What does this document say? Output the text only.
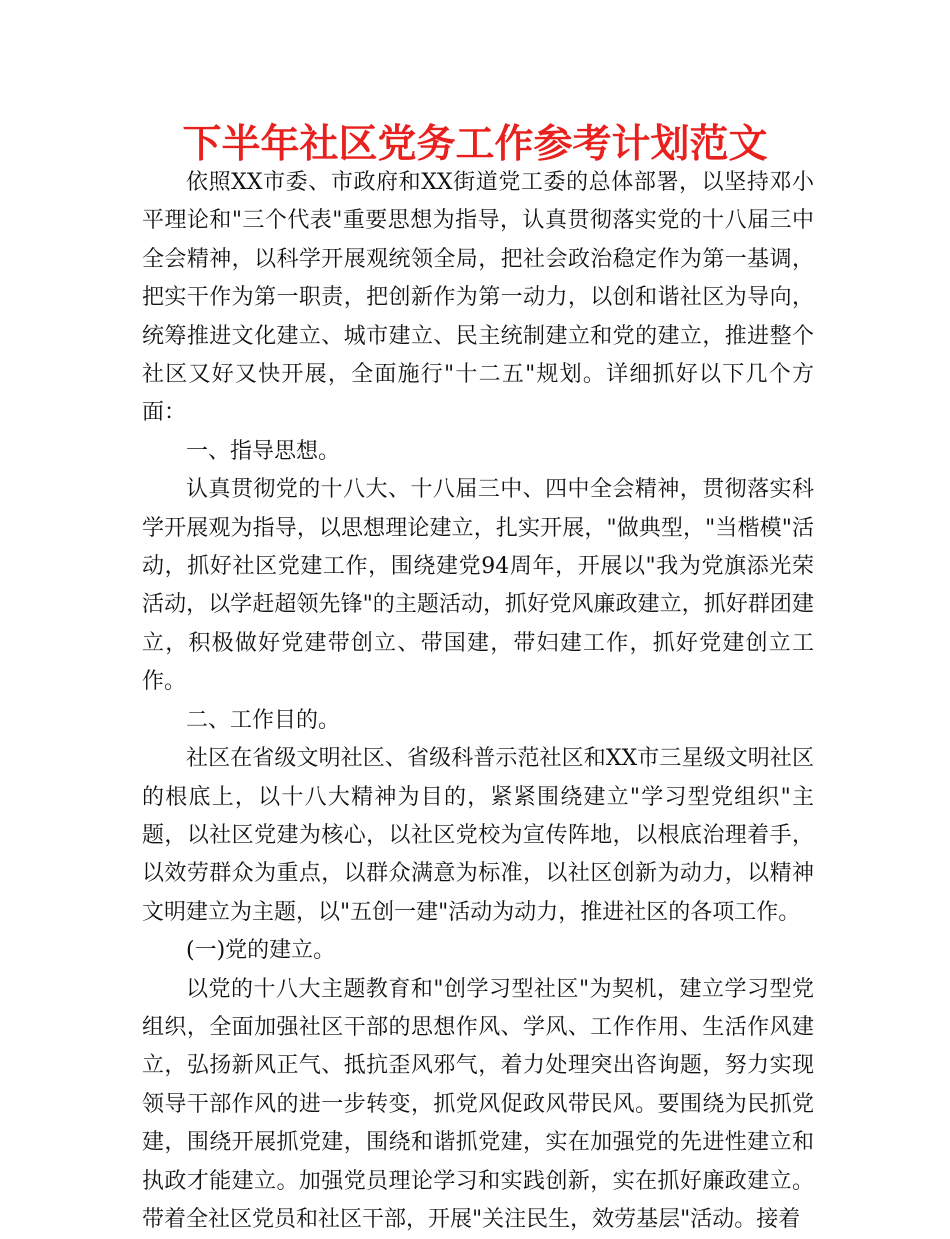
下半年社区党务工作参考计划范文

依照XX市委、市政府和XX街道党工委的总体部署，以坚持邓小平理论和"三个代表"重要思想为指导，认真贯彻落实党的十八届三中全会精神，以科学开展观统领全局，把社会政治稳定作为第一基调，把实干作为第一职责，把创新作为第一动力，以创和谐社区为导向，统筹推进文化建立、城市建立、民主统制建立和党的建立，推进整个社区又好又快开展，全面施行"十二五"规划。详细抓好以下几个方面：

一、指导思想。

认真贯彻党的十八大、十八届三中、四中全会精神，贯彻落实科学开展观为指导，以思想理论建立，扎实开展，"做典型，"当楷模"活动，抓好社区党建工作，围绕建党94周年，开展以"我为党旗添光荣活动，以学赶超领先锋"的主题活动，抓好党风廉政建立，抓好群团建立，积极做好党建带创立、带国建，带妇建工作，抓好党建创立工作。

二、工作目的。

社区在省级文明社区、省级科普示范社区和XX市三星级文明社区的根底上，以十八大精神为目的，紧紧围绕建立"学习型党组织"主题，以社区党建为核心，以社区党校为宣传阵地，以根底治理着手，以效劳群众为重点，以群众满意为标准，以社区创新为动力，以精神文明建立为主题，以"五创一建"活动为动力，推进社区的各项工作。

(一)党的建立。

以党的十八大主题教育和"创学习型社区"为契机，建立学习型党组织，全面加强社区干部的思想作风、学风、工作作用、生活作风建立，弘扬新风正气、抵抗歪风邪气，着力处理突出咨询题，努力实现领导干部作风的进一步转变，抓党风促政风带民风。要围绕为民抓党建，围绕开展抓党建，围绕和谐抓党建，实在加强党的先进性建立和执政才能建立。加强党员理论学习和实践创新，实在抓好廉政建立。带着全社区党员和社区干部，开展"关注民生，效劳基层"活动。接着
